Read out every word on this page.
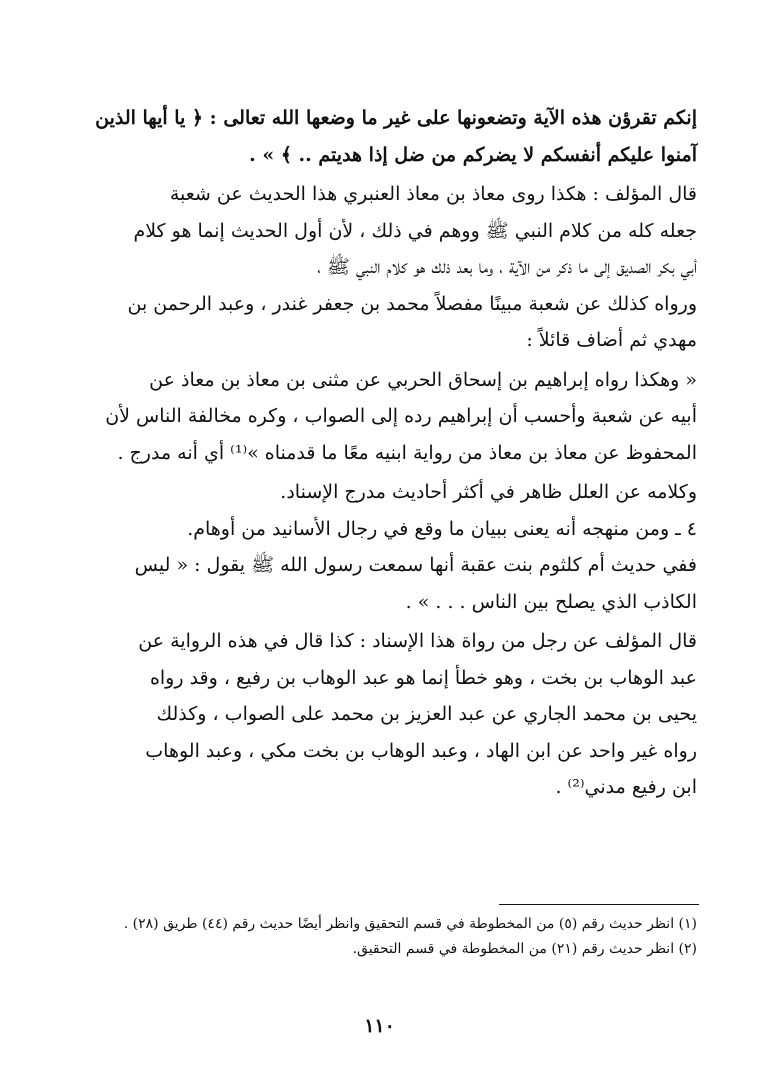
إنكم تقرؤن هذه الآية وتضعونها على غير ما وضعها الله تعالى : ﴿ يا أيها الذين
آمنوا عليكم أنفسكم لا يضركم من ضل إذا هديتم .. ﴾ » .
قال المؤلف : هكذا روى معاذ بن معاذ العنبري هذا الحديث عن شعبة
جعله كله من كلام النبي ﷺ ووهم في ذلك ، لأن أول الحديث إنما هو كلام
أبي بكر الصديق إلى ما ذكر من الآية ، وما بعد ذلك هو كلام النبي ﷺ ،
ورواه كذلك عن شعبة مبينًا مفصلاً محمد بن جعفر غندر ، وعبد الرحمن بن
مهدي ثم أضاف قائلاً :
« وهكذا رواه إبراهيم بن إسحاق الحربي عن مثنى بن معاذ بن معاذ عن
أبيه عن شعبة وأحسب أن إبراهيم رده إلى الصواب ، وكره مخالفة الناس لأن
المحفوظ عن معاذ بن معاذ من رواية ابنيه معًا ما قدمناه »⁽¹⁾ أي أنه مدرج .
وكلامه عن العلل ظاهر في أكثر أحاديث مدرج الإسناد.
٤ ـ ومن منهجه أنه يعنى ببيان ما وقع في رجال الأسانيد من أوهام.
ففي حديث أم كلثوم بنت عقبة أنها سمعت رسول الله ﷺ يقول : « ليس
الكاذب الذي يصلح بين الناس . . . » .
قال المؤلف عن رجل من رواة هذا الإسناد : كذا قال في هذه الرواية عن
عبد الوهاب بن بخت ، وهو خطأ إنما هو عبد الوهاب بن رفيع ، وقد رواه
يحيى بن محمد الجاري عن عبد العزيز بن محمد على الصواب ، وكذلك
رواه غير واحد عن ابن الهاد ، وعبد الوهاب بن بخت مكي ، وعبد الوهاب
ابن رفيع مدني⁽²⁾ .
(١) انظر حديث رقم (٥) من المخطوطة في قسم التحقيق وانظر أيضًا حديث رقم (٤٤) طريق (٢٨) .
(٢) انظر حديث رقم (٢١) من المخطوطة في قسم التحقيق.
١١٠
